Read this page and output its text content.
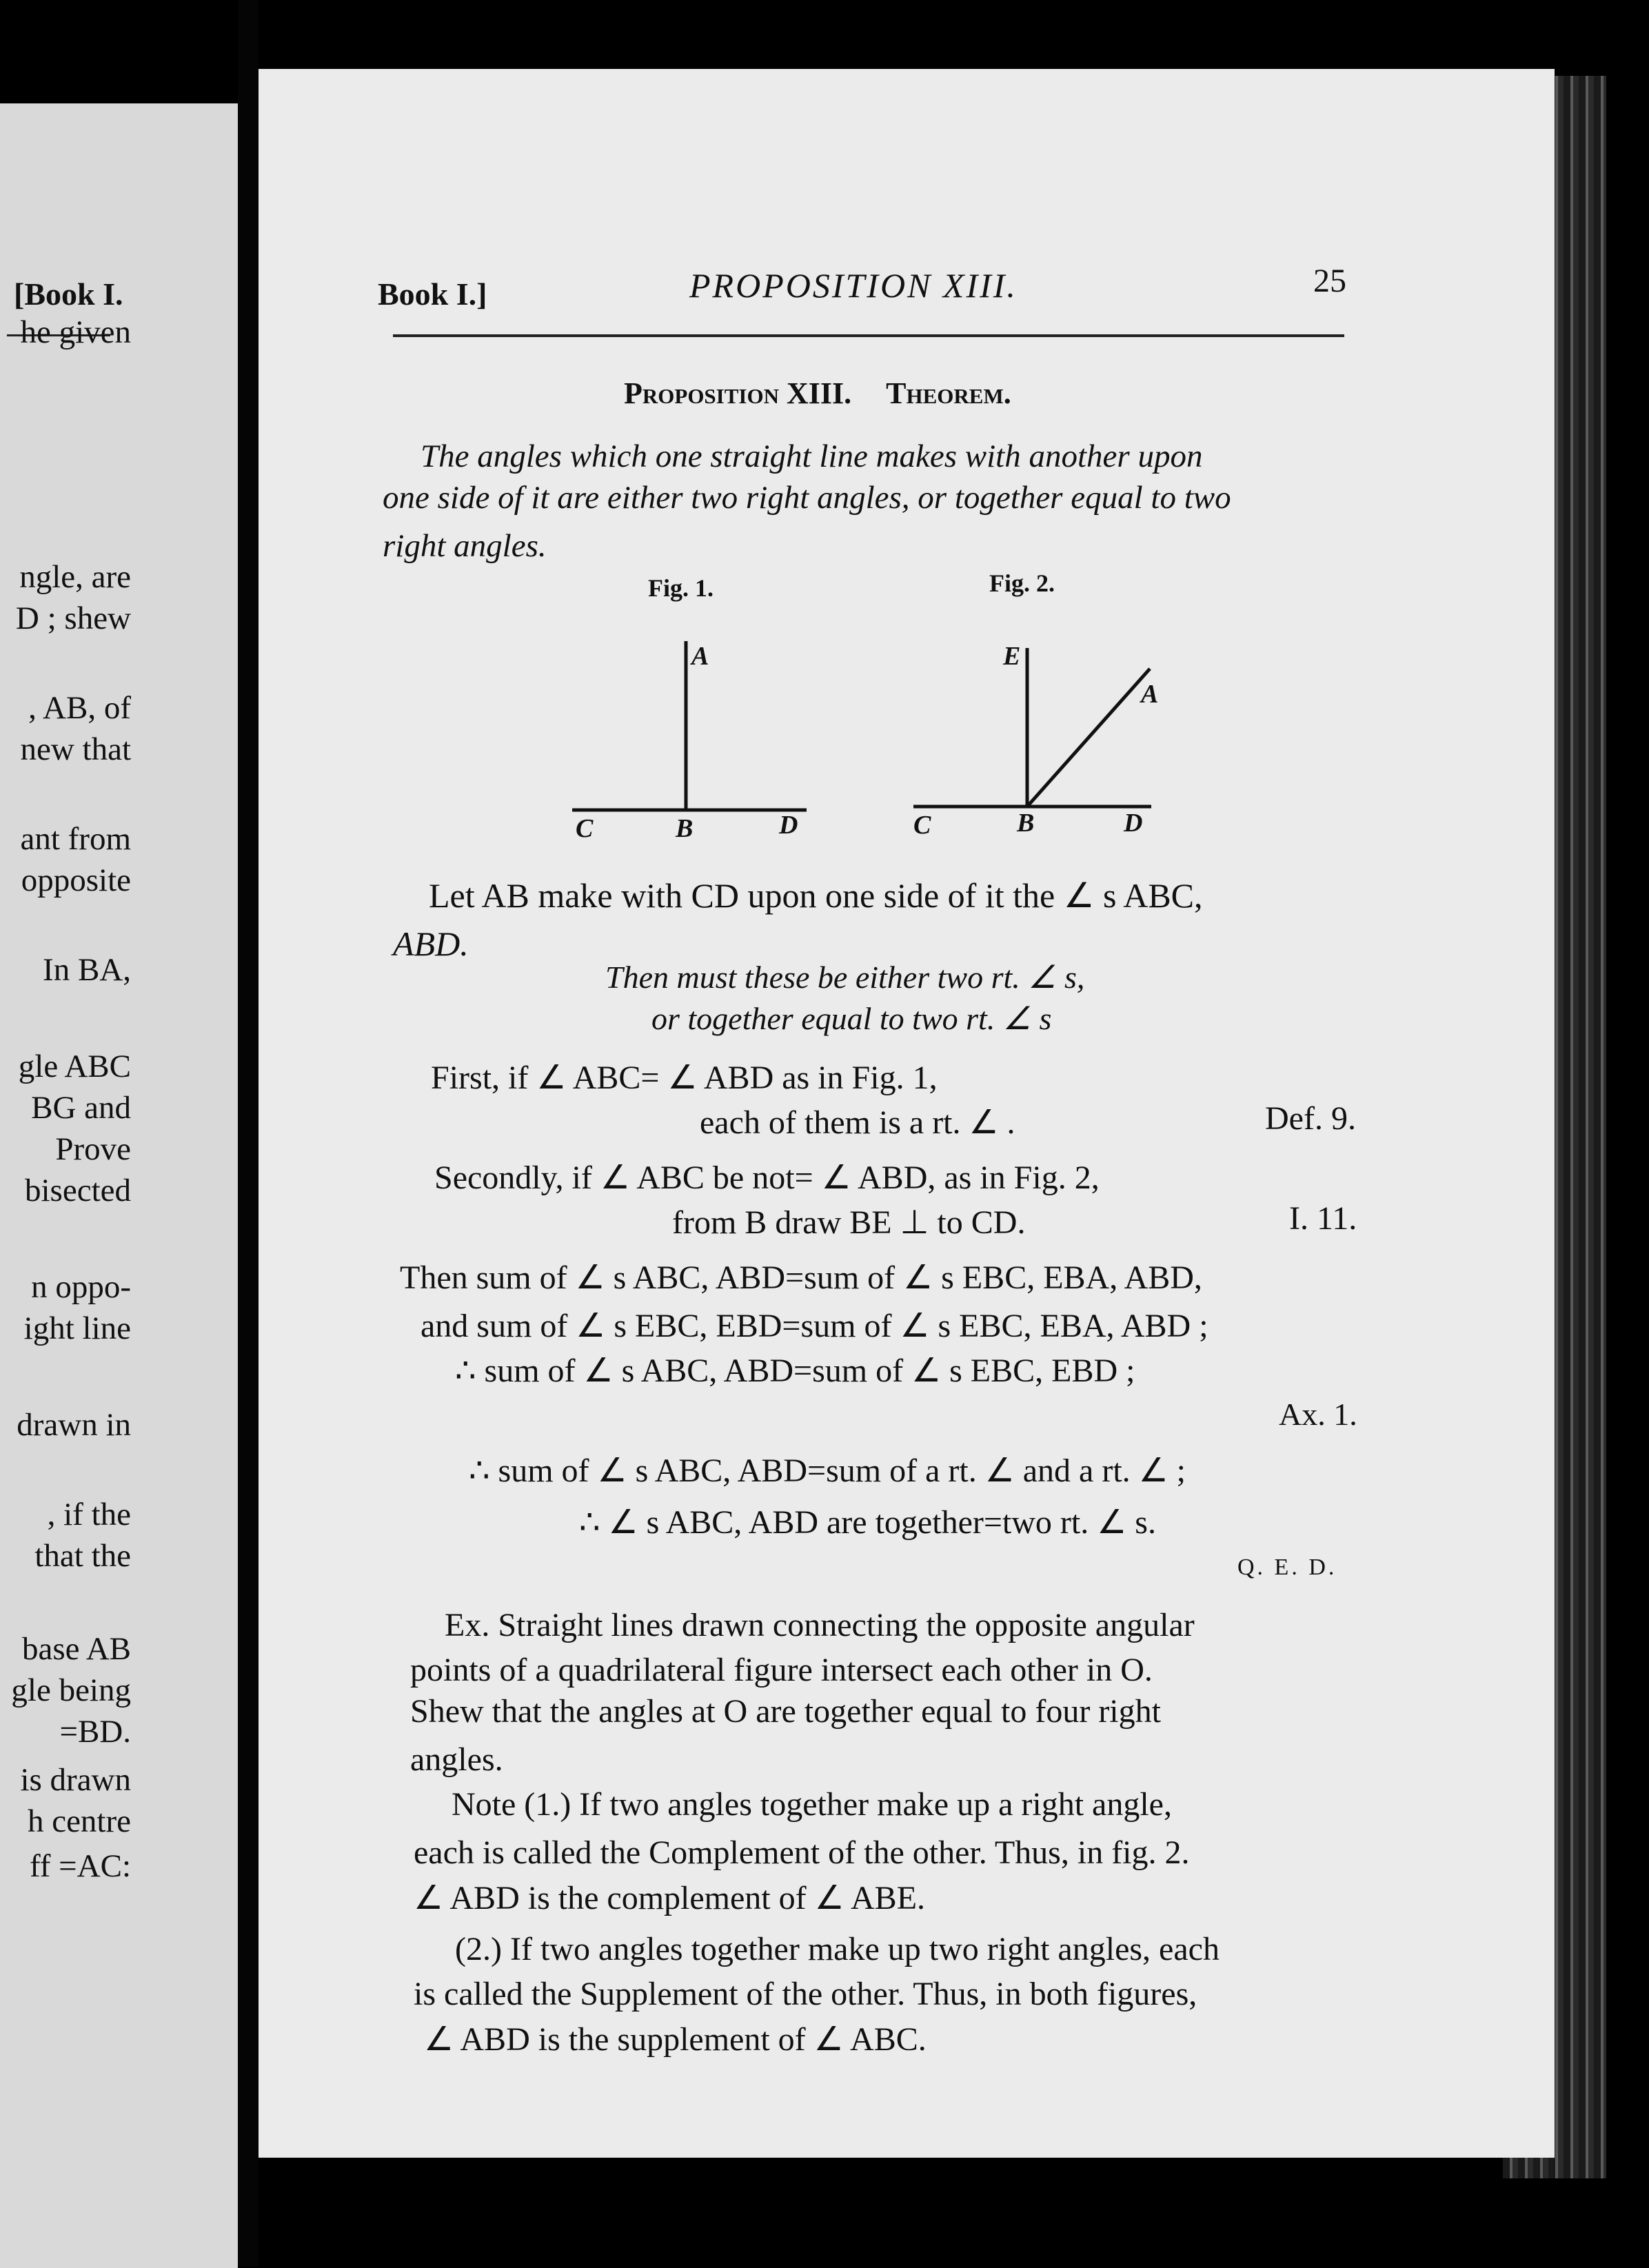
[Book I.
he given
ngle, are
D ; shew
, AB, of
new that
ant from
opposite
In BA,
gle ABC
BG and
Prove
bisected
n oppo-
ight line
drawn in
, if the
that the
base AB
gle being
=BD.
is drawn
h centre
ff =AC:
Book I.]	PROPOSITION XIII.	25
Proposition XIII. Theorem.
The angles which one straight line makes with another upon
one side of it are either two right angles, or together equal to two
right angles.
Fig. 1.	Fig. 2.
A
C	B	D
E
A
C	B	D
Let AB make with CD upon one side of it the ∠ s ABC,
ABD.
Then must these be either two rt. ∠ s,
or together equal to two rt. ∠ s
First, if ∠ ABC= ∠ ABD as in Fig. 1,
each of them is a rt. ∠ .	Def. 9.
Secondly, if ∠ ABC be not= ∠ ABD, as in Fig. 2,
from B draw BE ⊥ to CD.	I. 11.
Then sum of ∠ s ABC, ABD=sum of ∠ s EBC, EBA, ABD,
and sum of ∠ s EBC, EBD=sum of ∠ s EBC, EBA, ABD ;
∴ sum of ∠ s ABC, ABD=sum of ∠ s EBC, EBD ;
Ax. 1.
∴ sum of ∠ s ABC, ABD=sum of a rt. ∠ and a rt. ∠ ;
∴ ∠ s ABC, ABD are together=two rt. ∠ s.
Q. E. D.
Ex. Straight lines drawn connecting the opposite angular
points of a quadrilateral figure intersect each other in O.
Shew that the angles at O are together equal to four right
angles.
Note (1.) If two angles together make up a right angle,
each is called the Complement of the other. Thus, in fig. 2.
∠ ABD is the complement of ∠ ABE.
(2.) If two angles together make up two right angles, each
is called the Supplement of the other. Thus, in both figures,
∠ ABD is the supplement of ∠ ABC.
